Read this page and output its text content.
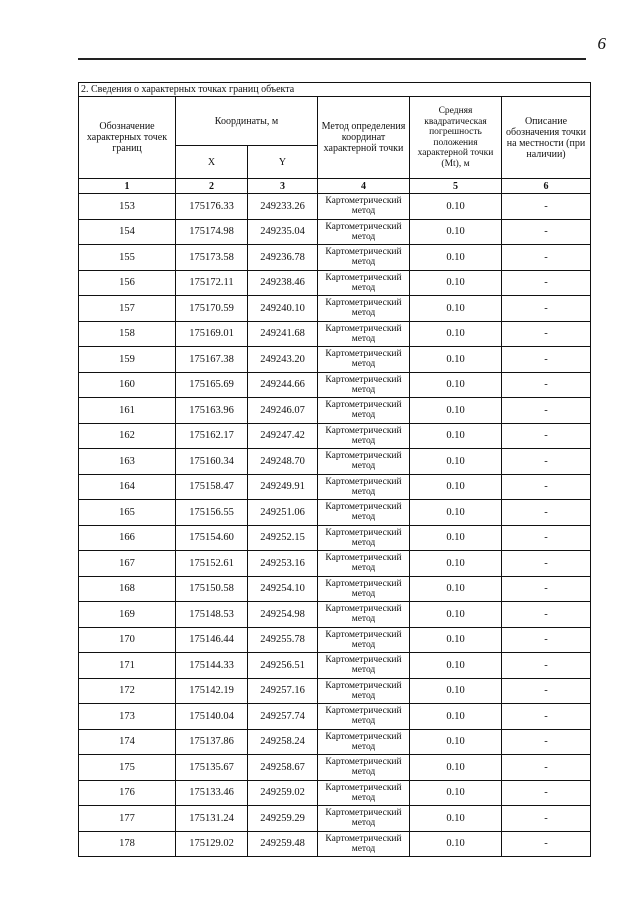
6
2. Сведения о характерных точках границ объекта					
Обозначение характерных точек границ	Координаты, м		Метод определения координат характерной точки	Средняя квадратическая погрешность положения характерной точки (Mt), м	Описание обозначения точки на местности (при наличии)
	X	Y			
1	2	3	4	5	6
153	175176.33	249233.26	Картометрический метод	0.10	-
154	175174.98	249235.04	Картометрический метод	0.10	-
155	175173.58	249236.78	Картометрический метод	0.10	-
156	175172.11	249238.46	Картометрический метод	0.10	-
157	175170.59	249240.10	Картометрический метод	0.10	-
158	175169.01	249241.68	Картометрический метод	0.10	-
159	175167.38	249243.20	Картометрический метод	0.10	-
160	175165.69	249244.66	Картометрический метод	0.10	-
161	175163.96	249246.07	Картометрический метод	0.10	-
162	175162.17	249247.42	Картометрический метод	0.10	-
163	175160.34	249248.70	Картометрический метод	0.10	-
164	175158.47	249249.91	Картометрический метод	0.10	-
165	175156.55	249251.06	Картометрический метод	0.10	-
166	175154.60	249252.15	Картометрический метод	0.10	-
167	175152.61	249253.16	Картометрический метод	0.10	-
168	175150.58	249254.10	Картометрический метод	0.10	-
169	175148.53	249254.98	Картометрический метод	0.10	-
170	175146.44	249255.78	Картометрический метод	0.10	-
171	175144.33	249256.51	Картометрический метод	0.10	-
172	175142.19	249257.16	Картометрический метод	0.10	-
173	175140.04	249257.74	Картометрический метод	0.10	-
174	175137.86	249258.24	Картометрический метод	0.10	-
175	175135.67	249258.67	Картометрический метод	0.10	-
176	175133.46	249259.02	Картометрический метод	0.10	-
177	175131.24	249259.29	Картометрический метод	0.10	-
178	175129.02	249259.48	Картометрический метод	0.10	-
